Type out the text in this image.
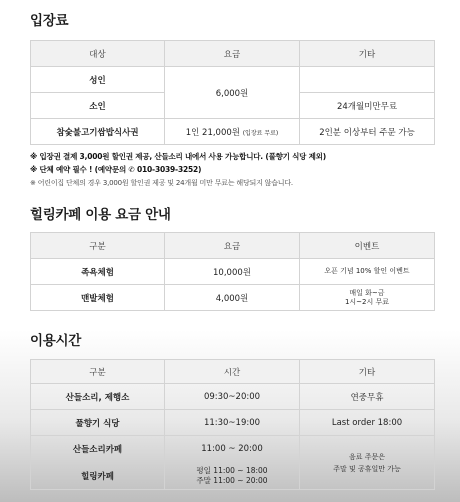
입장료
대상	요금	기타
성인	6,000원	
소인		24개월미만무료
참숯불고기쌈밥식사권	1인 21,000원 (입장료 무료)	2인분 이상부터 주문 가능
※ 입장권 결제 3,000원 할인권 제공, 산들소리 내에서 사용 가능합니다. (풀향기 식당 제외)
※ 단체 예약 필수 ! (예약문의 ✆ 010-3039-3252)
※ 어린이집 단체의 경우 3,000원 할인권 제공 및 24개월 미만 무료는 해당되지 않습니다.
힐링카페 이용 요금 안내
구분	요금	이벤트
족욕체험	10,000원	오픈 기념 10% 할인 이벤트
맨발체험	4,000원	매일 화~금
1시~2시 무료
이용시간
구분	시간	기타
산들소리, 제행소	09:30~20:00	연중무휴
풀향기 식당	11:30~19:00	Last order 18:00
산들소리카페	11:00 ~ 20:00	음료 주문은
주말 및 공휴일만 가능

힐링카페	평일 11:00 ~ 18:00
주말 11:00 ~ 20:00	
